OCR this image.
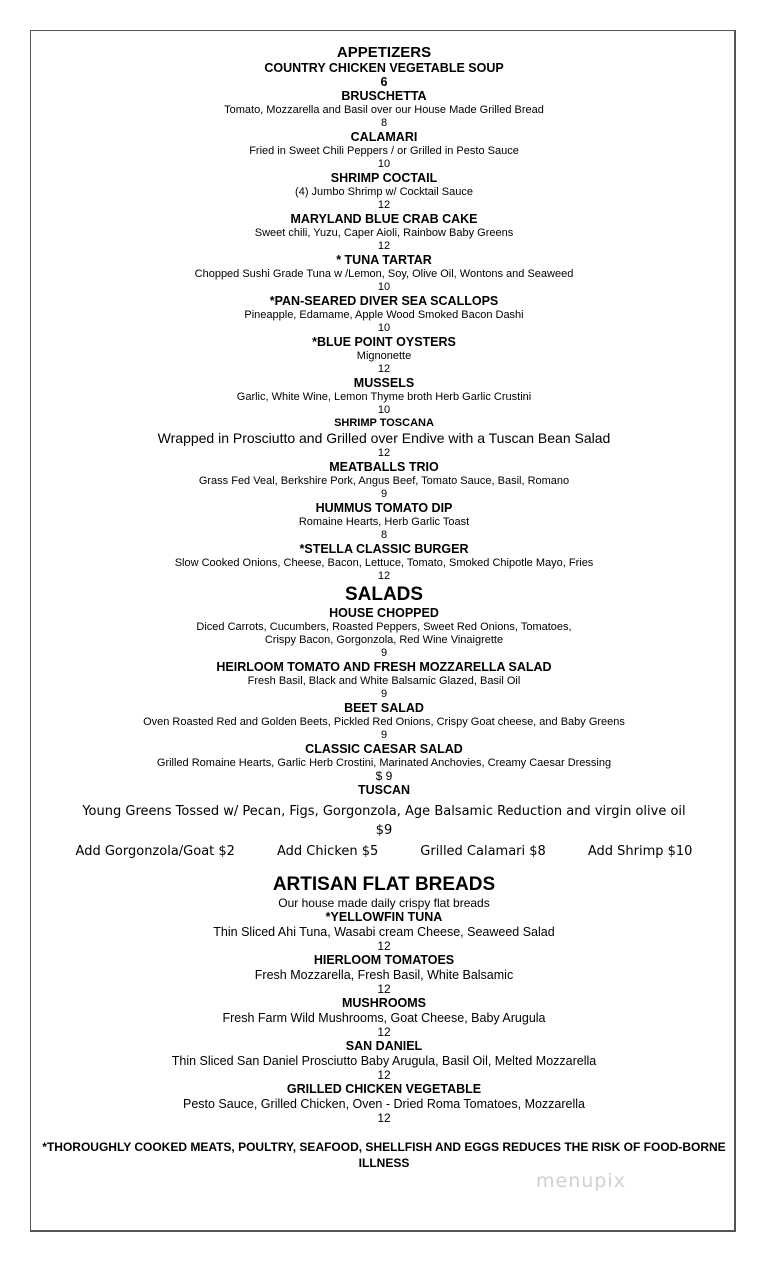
APPETIZERS
COUNTRY CHICKEN VEGETABLE SOUP
6
BRUSCHETTA
Tomato, Mozzarella and Basil over our House Made Grilled Bread
8
CALAMARI
Fried in Sweet Chili Peppers / or Grilled in Pesto Sauce
10
SHRIMP COCTAIL
(4) Jumbo Shrimp w/ Cocktail Sauce
12
MARYLAND BLUE CRAB CAKE
Sweet chili, Yuzu, Caper Aioli, Rainbow Baby Greens
12
* TUNA TARTAR
Chopped Sushi Grade Tuna w /Lemon, Soy, Olive Oil, Wontons and Seaweed
10
*PAN-SEARED DIVER SEA SCALLOPS
Pineapple, Edamame, Apple Wood Smoked Bacon Dashi
10
*BLUE POINT OYSTERS
Mignonette
12
MUSSELS
Garlic, White Wine, Lemon Thyme broth Herb Garlic Crustini
10
SHRIMP TOSCANA
Wrapped in Prosciutto and Grilled over Endive with a Tuscan Bean Salad
12
MEATBALLS TRIO
Grass Fed Veal, Berkshire Pork, Angus Beef, Tomato Sauce, Basil, Romano
9
HUMMUS TOMATO DIP
Romaine Hearts, Herb Garlic Toast
8
*STELLA CLASSIC BURGER
Slow Cooked Onions, Cheese, Bacon, Lettuce, Tomato, Smoked Chipotle Mayo, Fries
12
SALADS
HOUSE CHOPPED
Diced Carrots, Cucumbers, Roasted Peppers, Sweet Red Onions, Tomatoes,
Crispy Bacon, Gorgonzola, Red Wine Vinaigrette
9
HEIRLOOM TOMATO AND FRESH MOZZARELLA SALAD
Fresh Basil, Black and White Balsamic Glazed, Basil Oil
9
BEET SALAD
Oven Roasted Red and Golden Beets, Pickled Red Onions, Crispy Goat cheese, and Baby Greens
9
CLASSIC CAESAR SALAD
Grilled Romaine Hearts, Garlic Herb Crostini, Marinated Anchovies, Creamy Caesar Dressing
$ 9
TUSCAN
Young Greens Tossed w/ Pecan, Figs, Gorgonzola, Age Balsamic Reduction and virgin olive oil
$9
Add Gorgonzola/Goat $2	Add Chicken $5	Grilled Calamari $8	Add Shrimp $10
ARTISAN FLAT BREADS
Our house made daily crispy flat breads
*YELLOWFIN TUNA
Thin Sliced Ahi Tuna, Wasabi cream Cheese, Seaweed Salad
12
HIERLOOM TOMATOES
Fresh Mozzarella, Fresh Basil, White Balsamic
12
MUSHROOMS
Fresh Farm Wild Mushrooms, Goat Cheese, Baby Arugula
12
SAN DANIEL
Thin Sliced San Daniel Prosciutto Baby Arugula, Basil Oil, Melted Mozzarella
12
GRILLED CHICKEN VEGETABLE
Pesto Sauce, Grilled Chicken, Oven - Dried Roma Tomatoes, Mozzarella
12
*THOROUGHLY COOKED MEATS, POULTRY, SEAFOOD, SHELLFISH AND EGGS REDUCES THE RISK OF FOOD-BORNE ILLNESS
menupix
